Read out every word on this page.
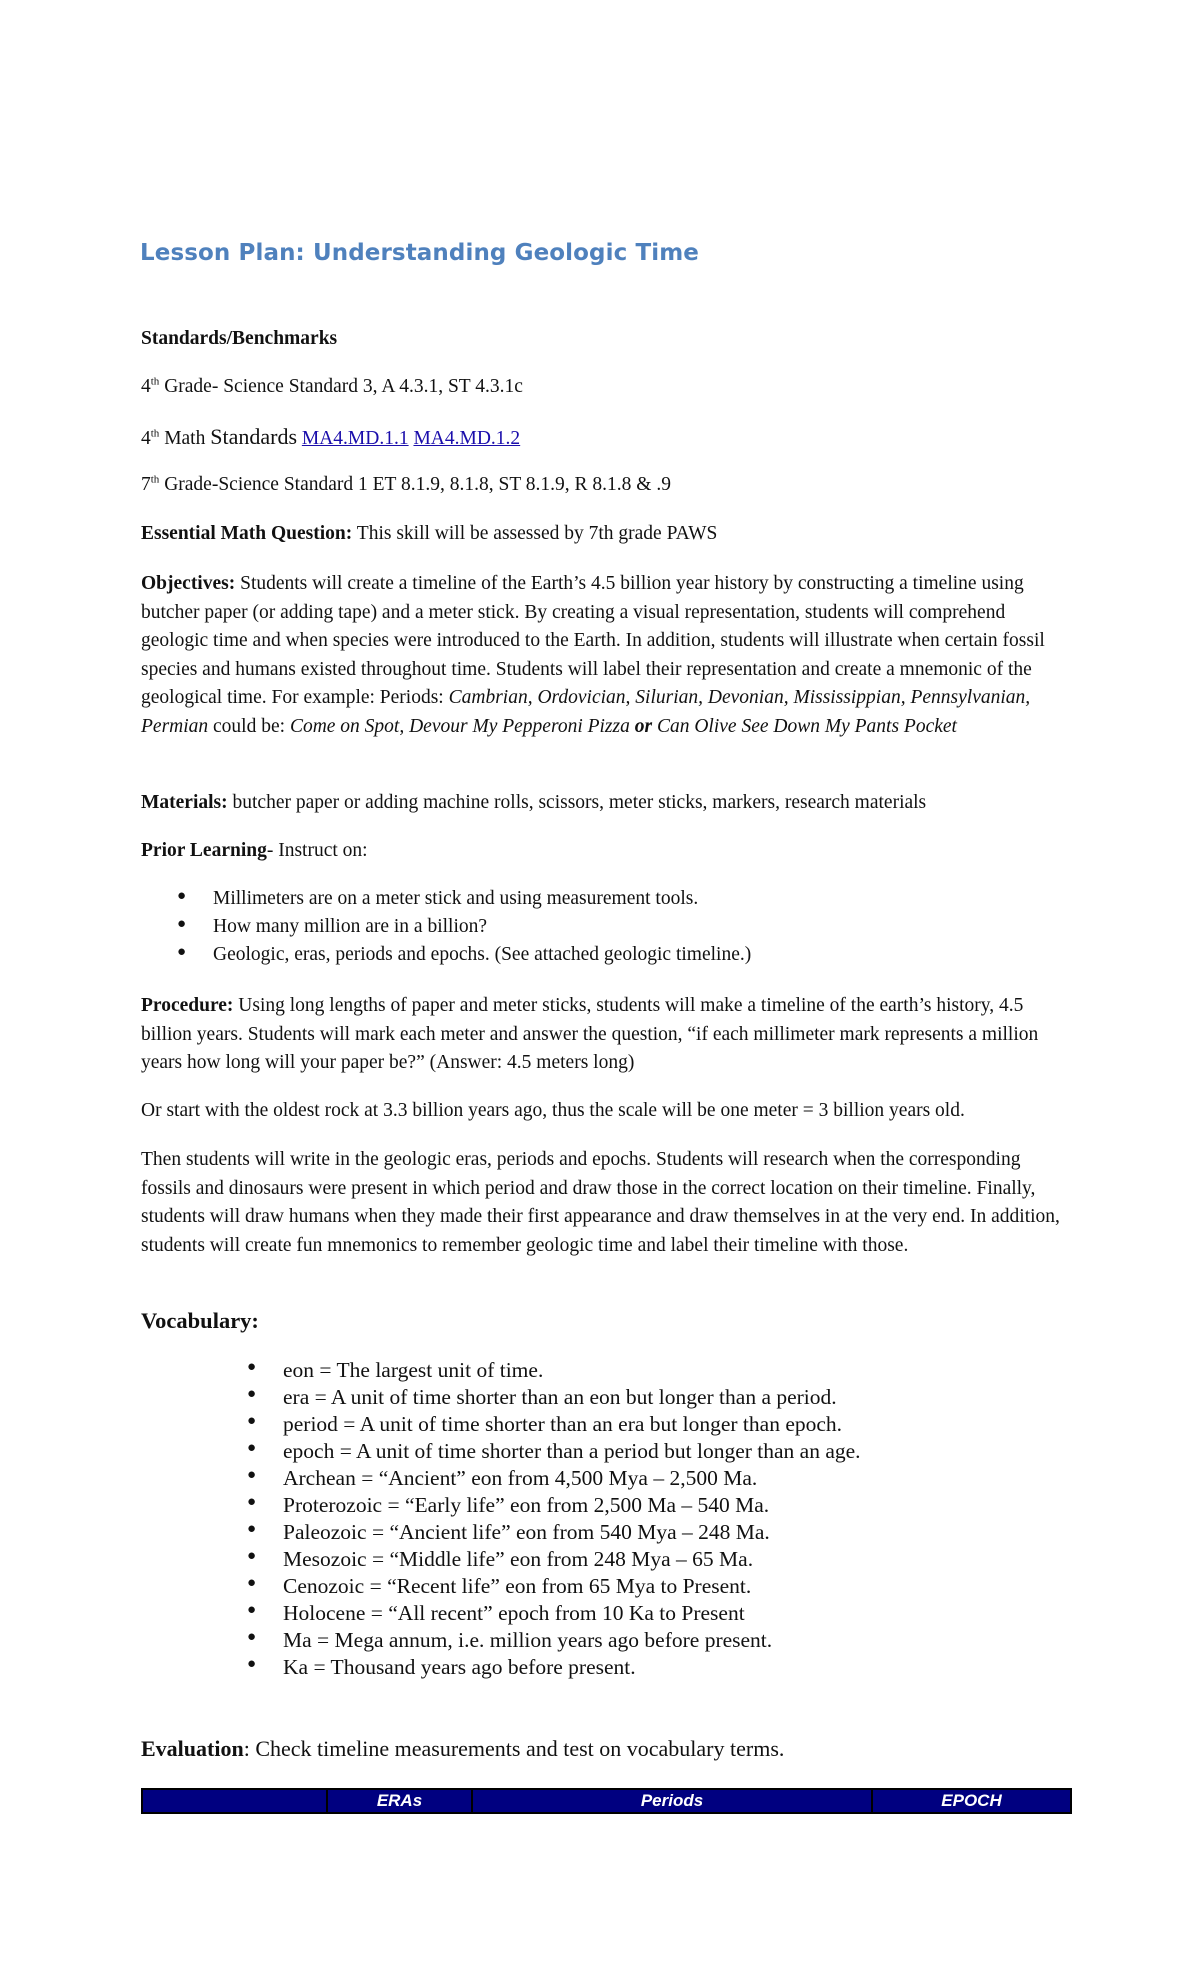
Lesson Plan: Understanding Geologic Time
Standards/Benchmarks
4th Grade- Science Standard 3, A 4.3.1, ST 4.3.1c
4th Math Standards MA4.MD.1.1 MA4.MD.1.2
7th Grade-Science Standard 1 ET 8.1.9, 8.1.8, ST 8.1.9, R 8.1.8 & .9
Essential Math Question: This skill will be assessed by 7th grade PAWS
Objectives: Students will create a timeline of the Earth’s 4.5 billion year history by constructing a timeline using butcher paper (or adding tape) and a meter stick. By creating a visual representation, students will comprehend geologic time and when species were introduced to the Earth. In addition, students will illustrate when certain fossil species and humans existed throughout time. Students will label their representation and create a mnemonic of the geological time. For example: Periods: Cambrian, Ordovician, Silurian, Devonian, Mississippian, Pennsylvanian, Permian could be: Come on Spot, Devour My Pepperoni Pizza or Can Olive See Down My Pants Pocket
Materials: butcher paper or adding machine rolls, scissors, meter sticks, markers, research materials
Prior Learning- Instruct on:
● Millimeters are on a meter stick and using measurement tools.
● How many million are in a billion?
● Geologic, eras, periods and epochs. (See attached geologic timeline.)
Procedure: Using long lengths of paper and meter sticks, students will make a timeline of the earth’s history, 4.5 billion years. Students will mark each meter and answer the question, “if each millimeter mark represents a million years how long will your paper be?” (Answer: 4.5 meters long)
Or start with the oldest rock at 3.3 billion years ago, thus the scale will be one meter = 3 billion years old.
Then students will write in the geologic eras, periods and epochs. Students will research when the corresponding fossils and dinosaurs were present in which period and draw those in the correct location on their timeline. Finally, students will draw humans when they made their first appearance and draw themselves in at the very end. In addition, students will create fun mnemonics to remember geologic time and label their timeline with those.
Vocabulary:
● eon = The largest unit of time.
● era = A unit of time shorter than an eon but longer than a period.
● period = A unit of time shorter than an era but longer than epoch.
● epoch = A unit of time shorter than a period but longer than an age.
● Archean = “Ancient” eon from 4,500 Mya – 2,500 Ma.
● Proterozoic = “Early life” eon from 2,500 Ma – 540 Ma.
● Paleozoic = “Ancient life” eon from 540 Mya – 248 Ma.
● Mesozoic = “Middle life” eon from 248 Mya – 65 Ma.
● Cenozoic = “Recent life” eon from 65 Mya to Present.
● Holocene = “All recent” epoch from 10 Ka to Present
● Ma = Mega annum, i.e. million years ago before present.
● Ka = Thousand years ago before present.
Evaluation: Check timeline measurements and test on vocabulary terms.
ERAs	Periods	EPOCH
